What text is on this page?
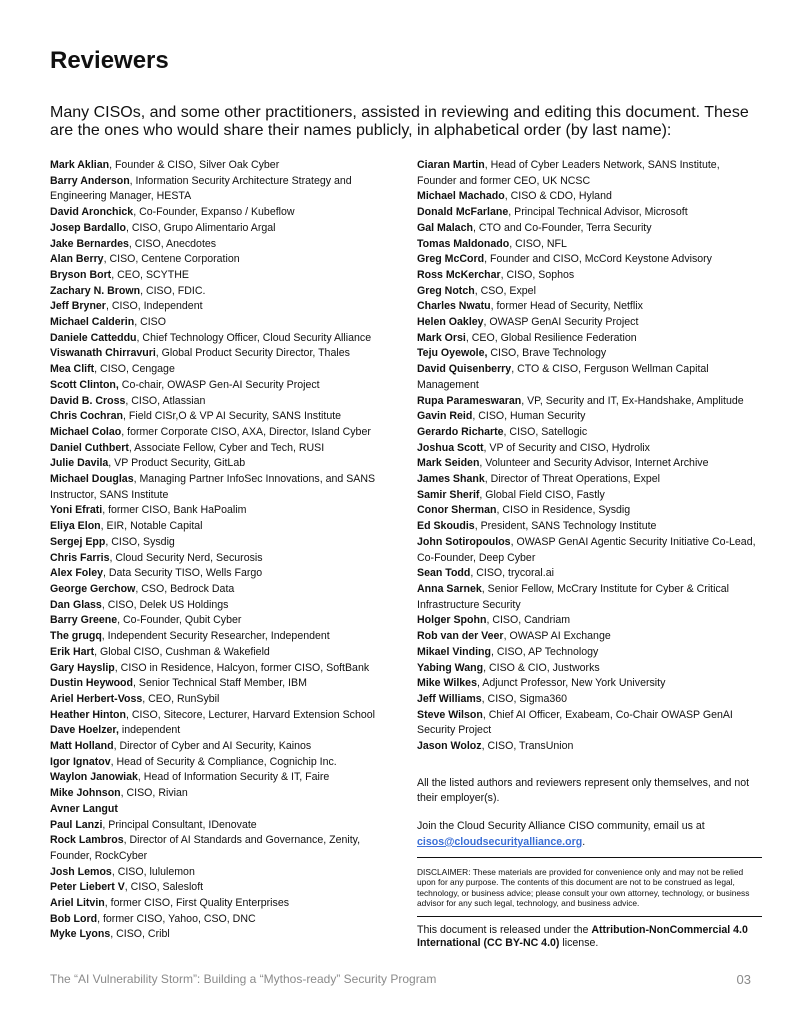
Reviewers

Many CISOs, and some other practitioners, assisted in reviewing and editing this document. These are the ones who would share their names publicly, in alphabetical order (by last name):

Mark Aklian, Founder & CISO, Silver Oak Cyber
Barry Anderson, Information Security Architecture Strategy and Engineering Manager, HESTA
David Aronchick, Co-Founder, Expanso / Kubeflow
Josep Bardallo, CISO, Grupo Alimentario Argal
Jake Bernardes, CISO, Anecdotes
Alan Berry, CISO, Centene Corporation
Bryson Bort, CEO, SCYTHE
Zachary N. Brown, CISO, FDIC.
Jeff Bryner, CISO, Independent
Michael Calderin, CISO
Daniele Catteddu, Chief Technology Officer, Cloud Security Alliance
Viswanath Chirravuri, Global Product Security Director, Thales
Mea Clift, CISO, Cengage
Scott Clinton, Co-chair, OWASP Gen-AI Security Project
David B. Cross, CISO, Atlassian
Chris Cochran, Field CISr,O & VP AI Security, SANS Institute
Michael Colao, former Corporate CISO, AXA, Director, Island Cyber
Daniel Cuthbert, Associate Fellow, Cyber and Tech, RUSI
Julie Davila, VP Product Security, GitLab
Michael Douglas, Managing Partner InfoSec Innovations, and SANS Instructor, SANS Institute
Yoni Efrati, former CISO, Bank HaPoalim
Eliya Elon, EIR, Notable Capital
Sergej Epp, CISO, Sysdig
Chris Farris, Cloud Security Nerd, Securosis
Alex Foley, Data Security TISO, Wells Fargo
George Gerchow, CSO, Bedrock Data
Dan Glass, CISO, Delek US Holdings
Barry Greene, Co-Founder, Qubit Cyber
The grugq, Independent Security Researcher, Independent
Erik Hart, Global CISO, Cushman & Wakefield
Gary Hayslip, CISO in Residence, Halcyon, former CISO, SoftBank
Dustin Heywood, Senior Technical Staff Member, IBM
Ariel Herbert-Voss, CEO, RunSybil
Heather Hinton, CISO, Sitecore, Lecturer, Harvard Extension School
Dave Hoelzer, independent
Matt Holland, Director of Cyber and AI Security, Kainos
Igor Ignatov, Head of Security & Compliance, Cognichip Inc.
Waylon Janowiak, Head of Information Security & IT, Faire
Mike Johnson, CISO, Rivian
Avner Langut
Paul Lanzi, Principal Consultant, IDenovate
Rock Lambros, Director of AI Standards and Governance, Zenity, Founder, RockCyber
Josh Lemos, CISO, lululemon
Peter Liebert V, CISO, Salesloft
Ariel Litvin, former CISO, First Quality Enterprises
Bob Lord, former CISO, Yahoo, CSO, DNC
Myke Lyons, CISO, Cribl
Ciaran Martin, Head of Cyber Leaders Network, SANS Institute, Founder and former CEO, UK NCSC
Michael Machado, CISO & CDO, Hyland
Donald McFarlane, Principal Technical Advisor, Microsoft
Gal Malach, CTO and Co-Founder, Terra Security
Tomas Maldonado, CISO, NFL
Greg McCord, Founder and CISO, McCord Keystone Advisory
Ross McKerchar, CISO, Sophos
Greg Notch, CSO, Expel
Charles Nwatu, former Head of Security, Netflix
Helen Oakley, OWASP GenAI Security Project
Mark Orsi, CEO, Global Resilience Federation
Teju Oyewole, CISO, Brave Technology
David Quisenberry, CTO & CISO, Ferguson Wellman Capital Management
Rupa Parameswaran, VP, Security and IT, Ex-Handshake, Amplitude
Gavin Reid, CISO, Human Security
Gerardo Richarte, CISO, Satellogic
Joshua Scott, VP of Security and CISO, Hydrolix
Mark Seiden, Volunteer and Security Advisor, Internet Archive
James Shank, Director of Threat Operations, Expel
Samir Sherif, Global Field CISO, Fastly
Conor Sherman, CISO in Residence, Sysdig
Ed Skoudis, President, SANS Technology Institute
John Sotiropoulos, OWASP GenAI Agentic Security Initiative Co-Lead, Co-Founder, Deep Cyber
Sean Todd, CISO, trycoral.ai
Anna Sarnek, Senior Fellow, McCrary Institute for Cyber & Critical Infrastructure Security
Holger Spohn, CISO, Candriam
Rob van der Veer, OWASP AI Exchange
Mikael Vinding, CISO, AP Technology
Yabing Wang, CISO & CIO, Justworks
Mike Wilkes, Adjunct Professor, New York University
Jeff Williams, CISO, Sigma360
Steve Wilson, Chief AI Officer, Exabeam, Co-Chair OWASP GenAI Security Project
Jason Woloz, CISO, TransUnion

All the listed authors and reviewers represent only themselves, and not their employer(s).

Join the Cloud Security Alliance CISO community, email us at cisos@cloudsecurityalliance.org.

DISCLAIMER: These materials are provided for convenience only and may not be relied upon for any purpose. The contents of this document are not to be construed as legal, technology, or business advice; please consult your own attorney, technology, or business advisor for any such legal, technology, and business advice.

This document is released under the Attribution-NonCommercial 4.0 International (CC BY-NC 4.0) license.

The “AI Vulnerability Storm”: Building a “Mythos-ready” Security Program	03
